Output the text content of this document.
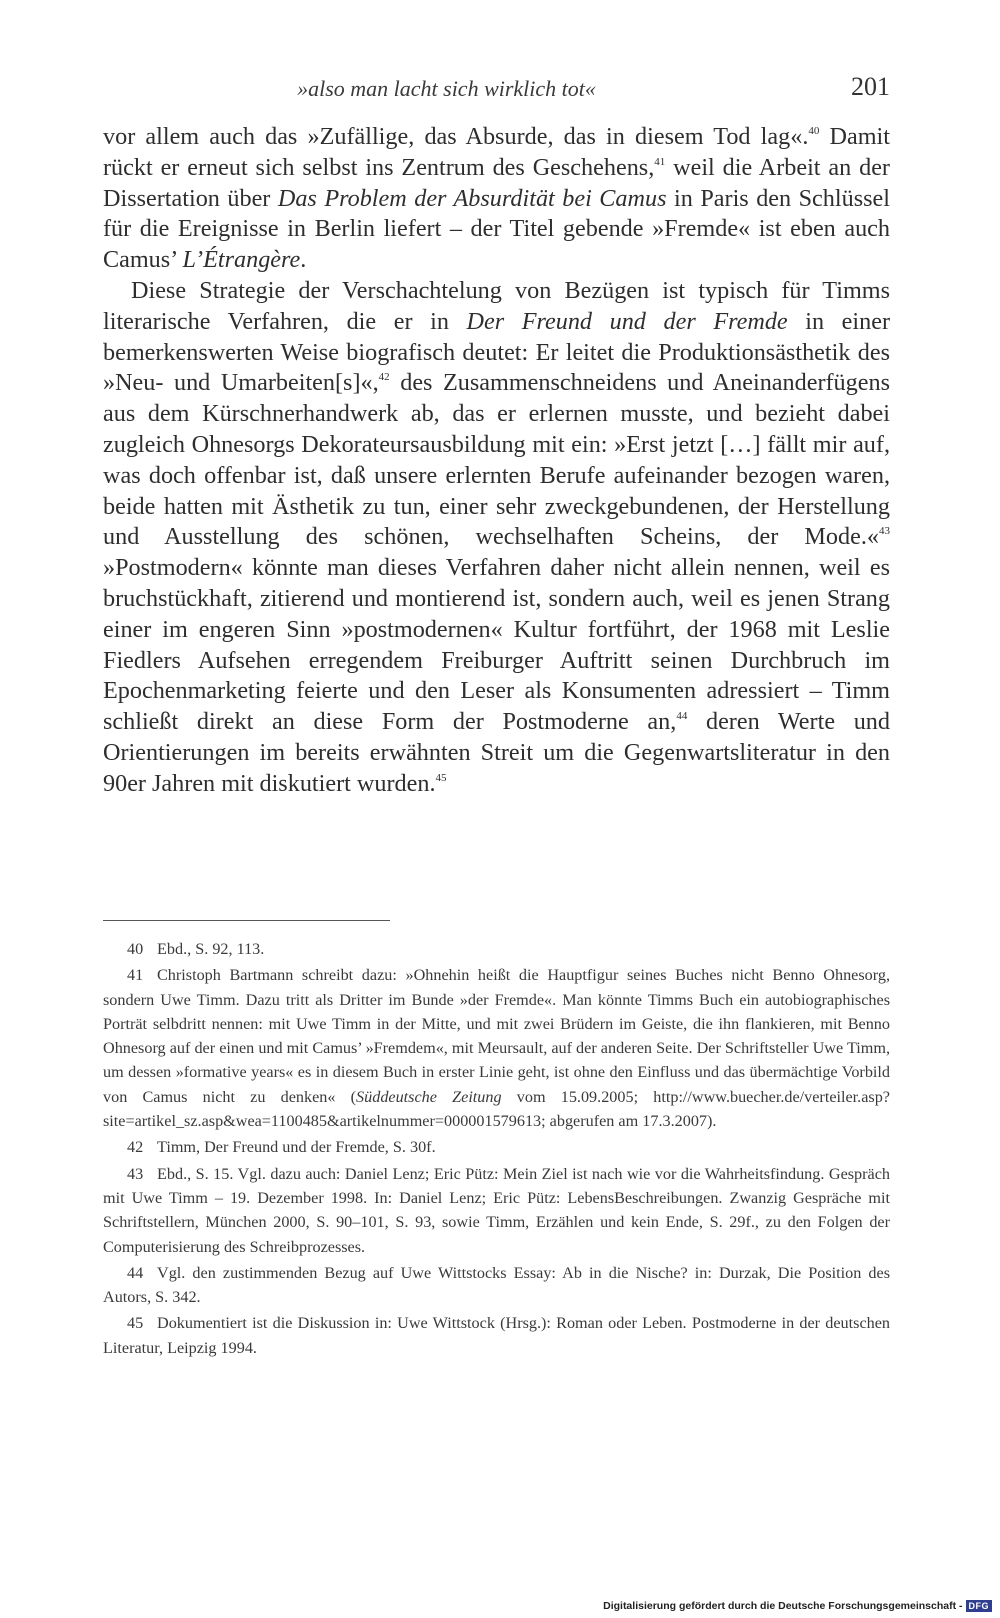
»also man lacht sich wirklich tot«	201

vor allem auch das »Zufällige, das Absurde, das in diesem Tod lag«.$^{40}$ Damit rückt er erneut sich selbst ins Zentrum des Geschehens,$^{41}$ weil die Arbeit an der Dissertation über Das Problem der Absurdität bei Camus in Paris den Schlüssel für die Ereignisse in Berlin liefert – der Titel gebende »Fremde« ist eben auch Camus’ L’Étrangère.

Diese Strategie der Verschachtelung von Bezügen ist typisch für Timms literarische Verfahren, die er in Der Freund und der Fremde in einer bemerkenswerten Weise biografisch deutet: Er leitet die Produktionsästhetik des »Neu- und Umarbeiten[s]«,$^{42}$ des Zusammenschneidens und Aneinanderfügens aus dem Kürschnerhandwerk ab, das er erlernen musste, und bezieht dabei zugleich Ohnesorgs Dekorateursausbildung mit ein: »Erst jetzt […] fällt mir auf, was doch offenbar ist, daß unsere erlernten Berufe aufeinander bezogen waren, beide hatten mit Ästhetik zu tun, einer sehr zweckgebundenen, der Herstellung und Ausstellung des schönen, wechselhaften Scheins, der Mode.«$^{43}$ »Postmodern« könnte man dieses Verfahren daher nicht allein nennen, weil es bruchstückhaft, zitierend und montierend ist, sondern auch, weil es jenen Strang einer im engeren Sinn »postmodernen« Kultur fortführt, der 1968 mit Leslie Fiedlers Aufsehen erregendem Freiburger Auftritt seinen Durchbruch im Epochenmarketing feierte und den Leser als Konsumenten adressiert – Timm schließt direkt an diese Form der Postmoderne an,$^{44}$ deren Werte und Orientierungen im bereits erwähnten Streit um die Gegenwartsliteratur in den 90er Jahren mit diskutiert wurden.$^{45}$

40 Ebd., S. 92, 113.

41 Christoph Bartmann schreibt dazu: »Ohnehin heißt die Hauptfigur seines Buches nicht Benno Ohnesorg, sondern Uwe Timm. Dazu tritt als Dritter im Bunde »der Fremde«. Man könnte Timms Buch ein autobiographisches Porträt selbdritt nennen: mit Uwe Timm in der Mitte, und mit zwei Brüdern im Geiste, die ihn flankieren, mit Benno Ohnesorg auf der einen und mit Camus’ »Fremdem«, mit Meursault, auf der anderen Seite. Der Schriftsteller Uwe Timm, um dessen »formative years« es in diesem Buch in erster Linie geht, ist ohne den Einfluss und das übermächtige Vorbild von Camus nicht zu denken« (Süddeutsche Zeitung vom 15.09.2005; http://www.buecher.de/verteiler.asp?site=artikel_sz.asp&wea=1100485&artikelnummer=000001579613; abgerufen am 17.3.2007).

42 Timm, Der Freund und der Fremde, S. 30f.

43 Ebd., S. 15. Vgl. dazu auch: Daniel Lenz; Eric Pütz: Mein Ziel ist nach wie vor die Wahrheitsfindung. Gespräch mit Uwe Timm – 19. Dezember 1998. In: Daniel Lenz; Eric Pütz: LebensBeschreibungen. Zwanzig Gespräche mit Schriftstellern, München 2000, S. 90–101, S. 93, sowie Timm, Erzählen und kein Ende, S. 29f., zu den Folgen der Computerisierung des Schreibprozesses.

44 Vgl. den zustimmenden Bezug auf Uwe Wittstocks Essay: Ab in die Nische? in: Durzak, Die Position des Autors, S. 342.

45 Dokumentiert ist die Diskussion in: Uwe Wittstock (Hrsg.): Roman oder Leben. Postmoderne in der deutschen Literatur, Leipzig 1994.

Digitalisierung gefördert durch die Deutsche Forschungsgemeinschaft - DFG
